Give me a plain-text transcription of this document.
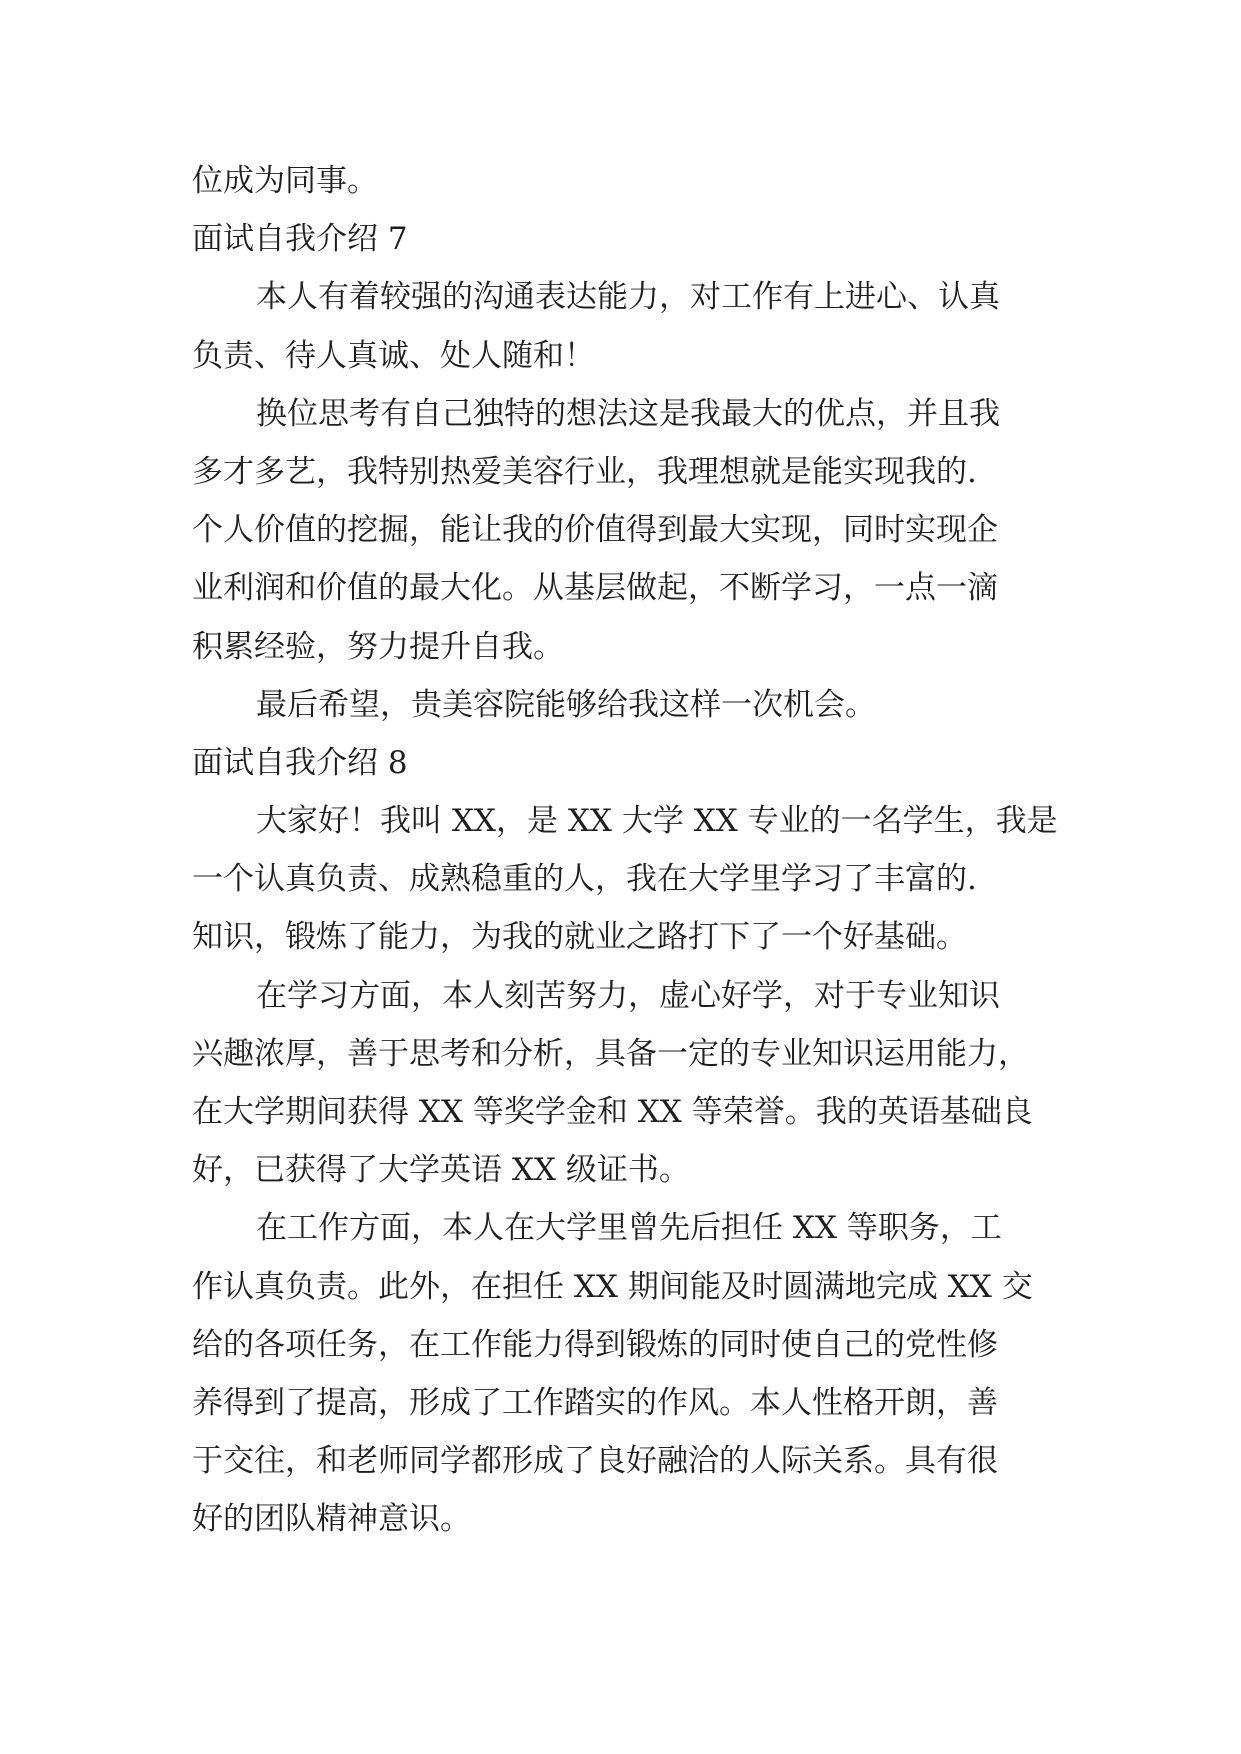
位成为同事。
面试自我介绍 7
本人有着较强的沟通表达能力，对工作有上进心、认真
负责、待人真诚、处人随和！
换位思考有自己独特的想法这是我最大的优点，并且我
多才多艺，我特别热爱美容行业，我理想就是能实现我的.
个人价值的挖掘，能让我的价值得到最大实现，同时实现企
业利润和价值的最大化。从基层做起，不断学习，一点一滴
积累经验，努力提升自我。
最后希望，贵美容院能够给我这样一次机会。
面试自我介绍 8
大家好！我叫 XX，是 XX 大学 XX 专业的一名学生，我是
一个认真负责、成熟稳重的人，我在大学里学习了丰富的.
知识，锻炼了能力，为我的就业之路打下了一个好基础。
在学习方面，本人刻苦努力，虚心好学，对于专业知识
兴趣浓厚，善于思考和分析，具备一定的专业知识运用能力，
在大学期间获得 XX 等奖学金和 XX 等荣誉。我的英语基础良
好，已获得了大学英语 XX 级证书。
在工作方面，本人在大学里曾先后担任 XX 等职务，工
作认真负责。此外，在担任 XX 期间能及时圆满地完成 XX 交
给的各项任务，在工作能力得到锻炼的同时使自己的党性修
养得到了提高，形成了工作踏实的作风。本人性格开朗，善
于交往，和老师同学都形成了良好融洽的人际关系。具有很
好的团队精神意识。
